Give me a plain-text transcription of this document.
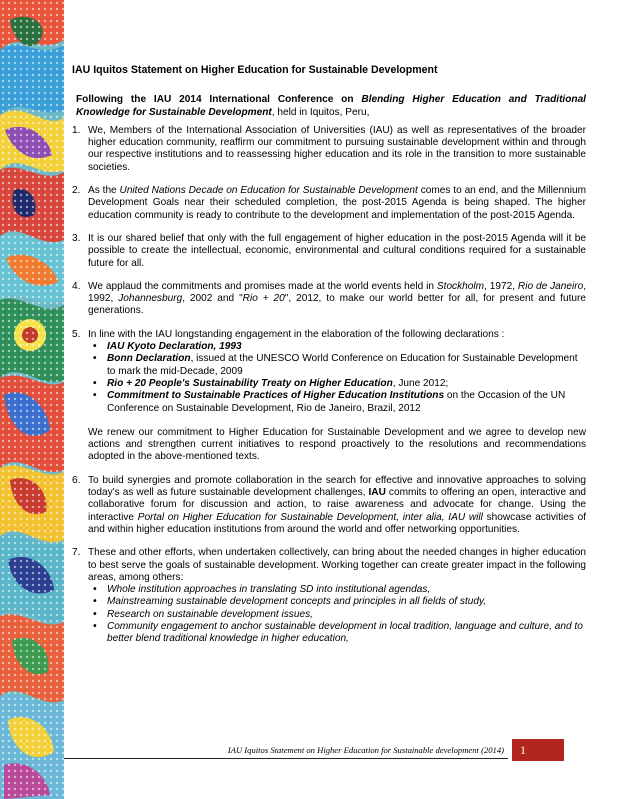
IAU Iquitos Statement on Higher Education for Sustainable Development

Following the IAU 2014 International Conference on Blending Higher Education and Traditional Knowledge for Sustainable Development, held in Iquitos, Peru,

1. We, Members of the International Association of Universities (IAU) as well as representatives of the broader higher education community, reaffirm our commitment to pursuing sustainable development within and through our respective institutions and to reassessing higher education and its role in the transition to more sustainable societies.
2. As the United Nations Decade on Education for Sustainable Development comes to an end, and the Millennium Development Goals near their scheduled completion, the post-2015 Agenda is being shaped. The higher education community is ready to contribute to the development and implementation of the post-2015 Agenda.
3. It is our shared belief that only with the full engagement of higher education in the post-2015 Agenda will it be possible to create the intellectual, economic, environmental and cultural conditions required for a sustainable future for all.
4. We applaud the commitments and promises made at the world events held in Stockholm, 1972, Rio de Janeiro, 1992, Johannesburg, 2002 and "Rio + 20", 2012, to make our world better for all, for present and future generations.
5. In line with the IAU longstanding engagement in the elaboration of the following declarations :
• IAU Kyoto Declaration, 1993
• Bonn Declaration, issued at the UNESCO World Conference on Education for Sustainable Development to mark the mid-Decade, 2009
• Rio + 20 People's Sustainability Treaty on Higher Education, June 2012;
• Commitment to Sustainable Practices of Higher Education Institutions on the Occasion of the UN Conference on Sustainable Development, Rio de Janeiro, Brazil, 2012

We renew our commitment to Higher Education for Sustainable Development and we agree to develop new actions and strengthen current initiatives to respond proactively to the resolutions and recommendations adopted in the above-mentioned texts.

6. To build synergies and promote collaboration in the search for effective and innovative approaches to solving today's as well as future sustainable development challenges, IAU commits to offering an open, interactive and collaborative forum for discussion and action, to raise awareness and advocate for change. Using the interactive Portal on Higher Education for Sustainable Development, inter alia, IAU will showcase activities of and within higher education institutions from around the world and offer networking opportunities.
7. These and other efforts, when undertaken collectively, can bring about the needed changes in higher education to best serve the goals of sustainable development. Working together can create greater impact in the following areas, among others:
• Whole institution approaches in translating SD into institutional agendas,
• Mainstreaming sustainable development concepts and principles in all fields of study,
• Research on sustainable development issues,
• Community engagement to anchor sustainable development in local tradition, language and culture, and to better blend traditional knowledge in higher education,
IAU Iquitos Statement on Higher Education for Sustainable development (2014)	1
